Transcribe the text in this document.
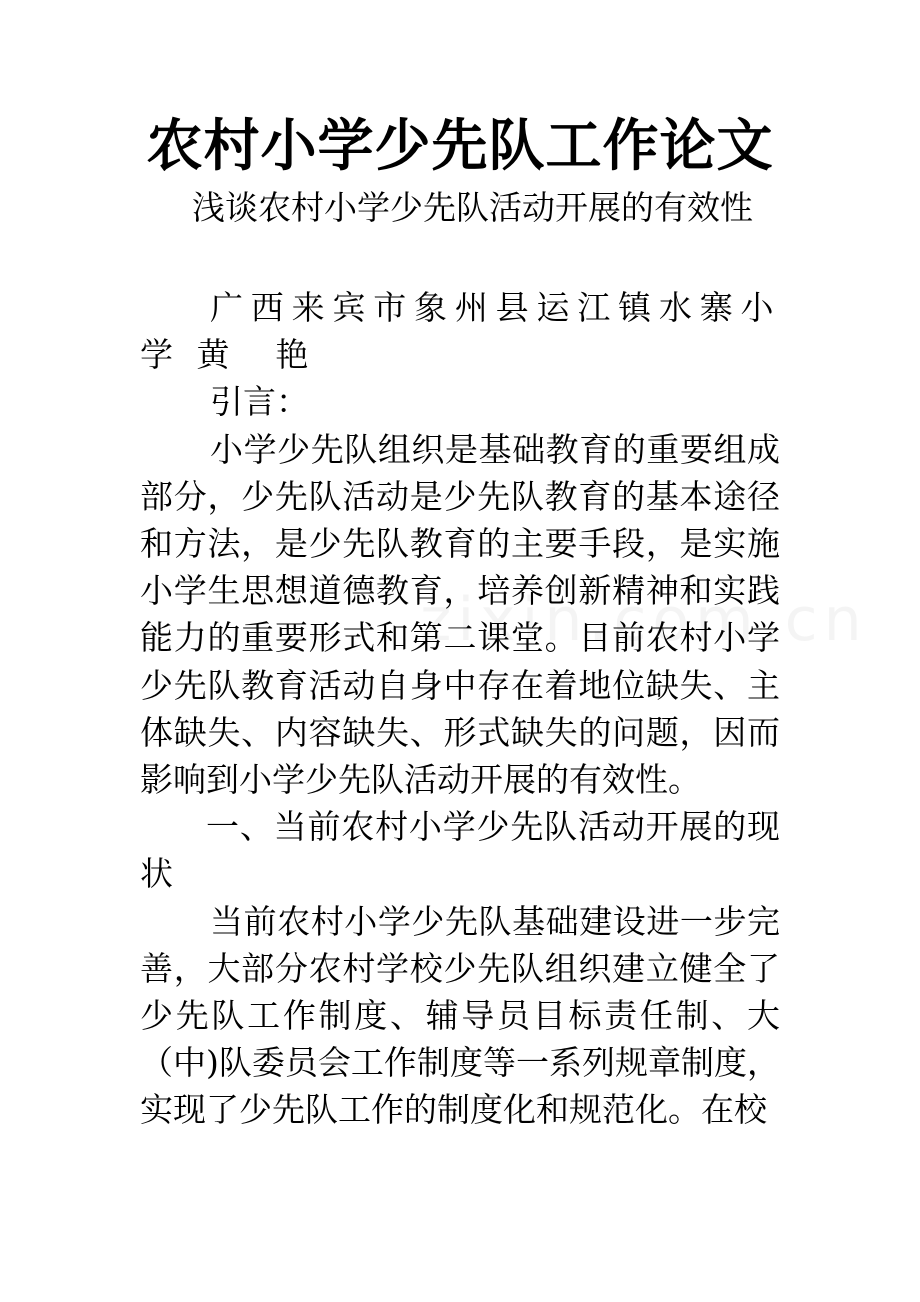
农村小学少先队工作论文
浅谈农村小学少先队活动开展的有效性

广西来宾市象州县运江镇水寨小学 黄　艳

引言：

小学少先队组织是基础教育的重要组成部分，少先队活动是少先队教育的基本途径和方法，是少先队教育的主要手段，是实施小学生思想道德教育，培养创新精神和实践能力的重要形式和第二课堂。目前农村小学少先队教育活动自身中存在着地位缺失、主体缺失、内容缺失、形式缺失的问题，因而影响到小学少先队活动开展的有效性。

一、当前农村小学少先队活动开展的现状

当前农村小学少先队基础建设进一步完善，大部分农村学校少先队组织建立健全了少先队工作制度、辅导员目标责任制、大（中)队委员会工作制度等一系列规章制度，实现了少先队工作的制度化和规范化。在校
